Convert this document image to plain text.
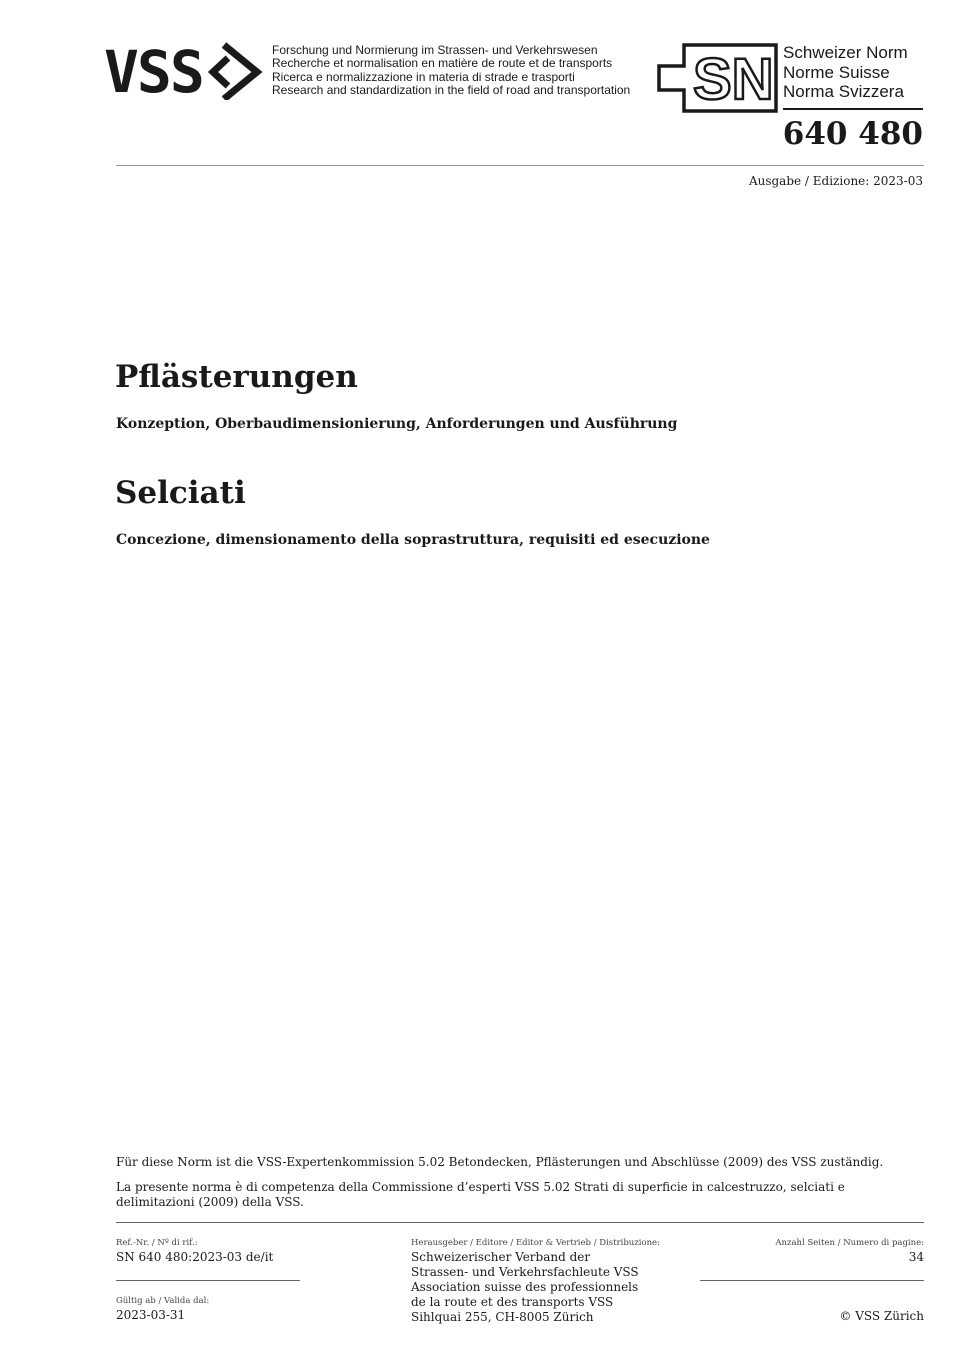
VSS	Forschung und Normierung im Strassen- und Verkehrswesen
Recherche et normalisation en matière de route et de transports
Ricerca e normalizzazione in materia di strade e trasporti
Research and standardization in the field of road and transportation SN Schweizer Norm
Norme Suisse
Norma Svizzera
640 480
Ausgabe / Edizione: 2023-03
Pflästerungen
Konzeption, Oberbaudimensionierung, Anforderungen und Ausführung
Selciati
Concezione, dimensionamento della soprastruttura, requisiti ed esecuzione
Für diese Norm ist die VSS-Expertenkommission 5.02 Betondecken, Pflästerungen und Abschlüsse (2009) des VSS zuständig.
La presente norma è di competenza della Commissione d’esperti VSS 5.02 Strati di superficie in calcestruzzo, selciati e delimitazioni (2009) della VSS.
Ref.-Nr. / Nº di rif.:
SN 640 480:2023-03 de/it
Gültig ab / Valida dal:
2023-03-31
Herausgeber / Editore / Editor & Vertrieb / Distribuzione:
Schweizerischer Verband der
Strassen- und Verkehrsfachleute VSS
Association suisse des professionnels
de la route et des transports VSS
Sihlquai 255, CH-8005 Zürich
Anzahl Seiten / Numero di pagine:
34
© VSS Zürich
